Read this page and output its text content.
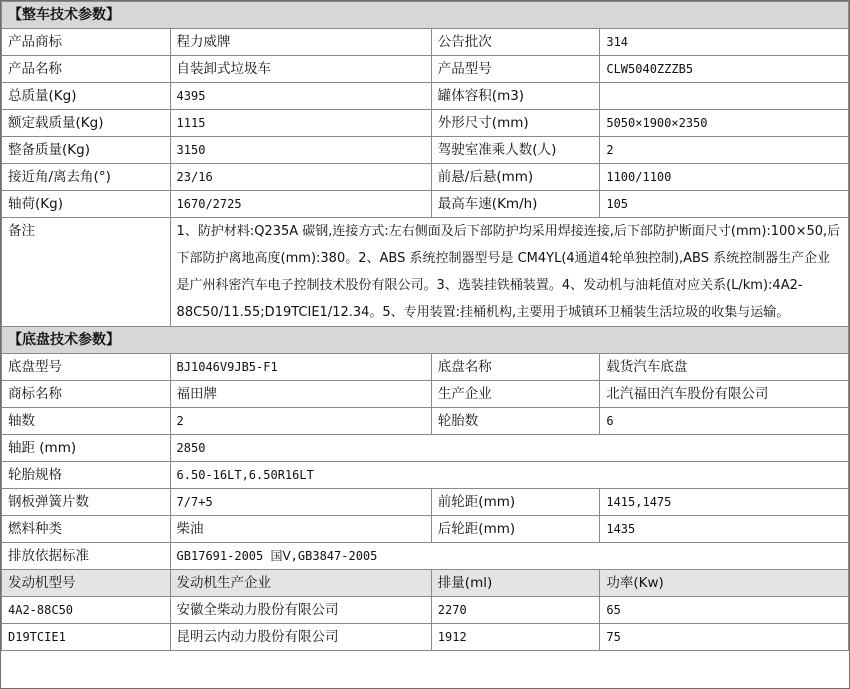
【整车技术参数】			
产品商标	程力威牌	公告批次	314
产品名称	自装卸式垃圾车	产品型号	CLW5040ZZZB5
总质量(Kg)	4395	罐体容积(m3)	
额定载质量(Kg)	1115	外形尺寸(mm)	5050×1900×2350
整备质量(Kg)	3150	驾驶室准乘人数(人)	2
接近角/离去角(°)	23/16	前悬/后悬(mm)	1100/1100
轴荷(Kg)	1670/2725	最高车速(Km/h)	105
备注	1、防护材料:Q235A 碳钢,连接方式:左右侧面及后下部防护均采用焊接连接,后下部防护断面尺寸(mm):100×50,后下部防护离地高度(mm):380。2、ABS 系统控制器型号是 CM4YL(4通道4轮单独控制),ABS 系统控制器生产企业是广州科密汽车电子控制技术股份有限公司。3、选装挂铁桶装置。4、发动机与油耗值对应关系(L/km):4A2-88C50/11.55;D19TCIE1/12.34。5、专用装置:挂桶机构,主要用于城镇环卫桶装生活垃圾的收集与运输。		
【底盘技术参数】			
底盘型号	BJ1046V9JB5-F1	底盘名称	载货汽车底盘
商标名称	福田牌	生产企业	北汽福田汽车股份有限公司
轴数	2	轮胎数	6
轴距 (mm)	2850		
轮胎规格	6.50-16LT,6.50R16LT		
钢板弹簧片数	7/7+5	前轮距(mm)	1415,1475
燃料种类	柴油	后轮距(mm)	1435
排放依据标准	GB17691-2005 国Ⅴ,GB3847-2005		
发动机型号	发动机生产企业	排量(ml)	功率(Kw)
4A2-88C50	安徽全柴动力股份有限公司	2270	65
D19TCIE1	昆明云内动力股份有限公司	1912	75
